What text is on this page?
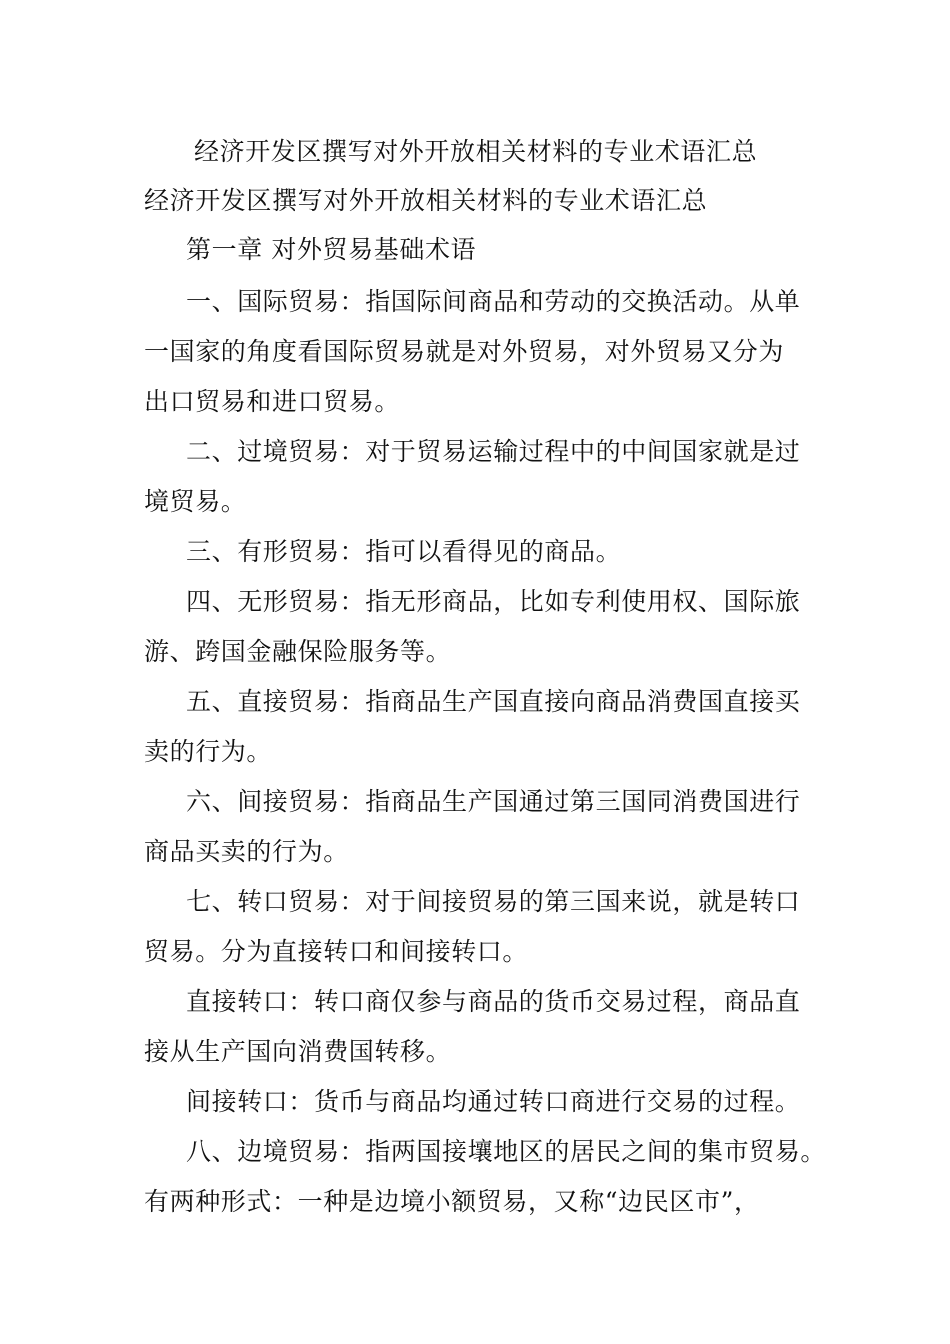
经济开发区撰写对外开放相关材料的专业术语汇总
经济开发区撰写对外开放相关材料的专业术语汇总
第一章 对外贸易基础术语
一、国际贸易：指国际间商品和劳动的交换活动。从单
一国家的角度看国际贸易就是对外贸易，对外贸易又分为
出口贸易和进口贸易。
二、过境贸易：对于贸易运输过程中的中间国家就是过
境贸易。
三、有形贸易：指可以看得见的商品。
四、无形贸易：指无形商品，比如专利使用权、国际旅
游、跨国金融保险服务等。
五、直接贸易：指商品生产国直接向商品消费国直接买
卖的行为。
六、间接贸易：指商品生产国通过第三国同消费国进行
商品买卖的行为。
七、转口贸易：对于间接贸易的第三国来说，就是转口
贸易。分为直接转口和间接转口。
直接转口：转口商仅参与商品的货币交易过程，商品直
接从生产国向消费国转移。
间接转口：货币与商品均通过转口商进行交易的过程。
八、边境贸易：指两国接壤地区的居民之间的集市贸易。
有两种形式：一种是边境小额贸易，又称“边民区市”，
